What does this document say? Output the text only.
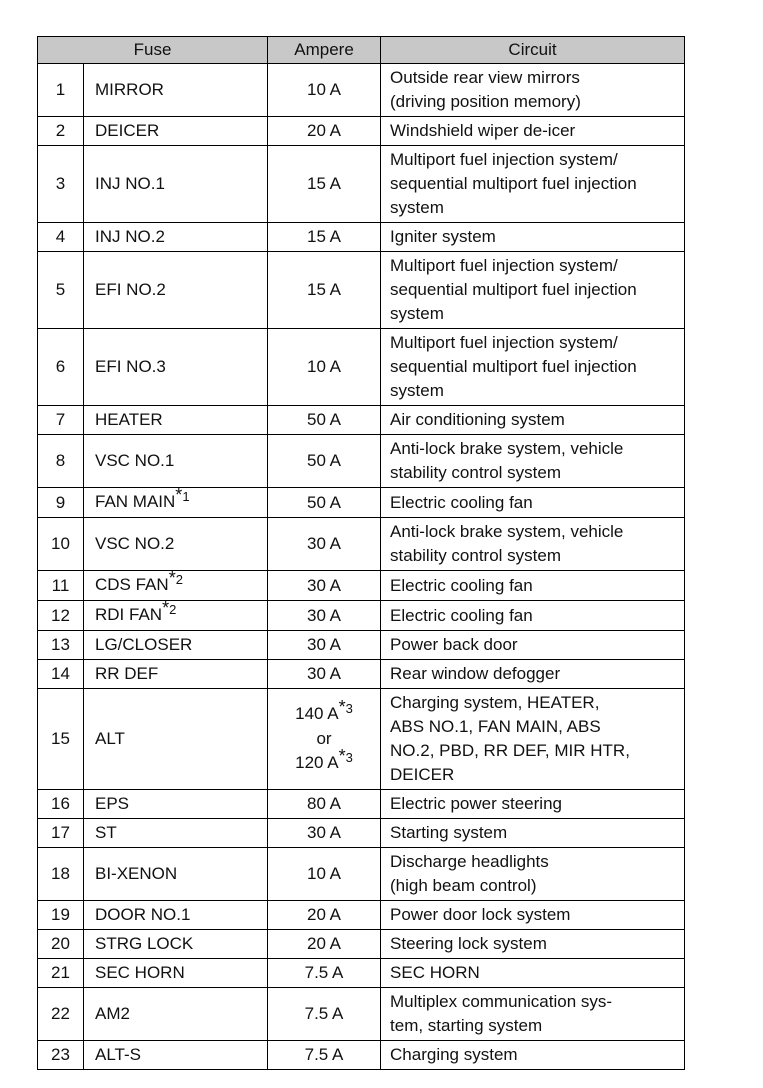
Fuse		Ampere	Circuit
1	MIRROR	10 A	Outside rear view mirrors
(driving position memory)

2	DEICER	20 A	Windshield wiper de-icer

3	INJ NO.1	15 A	Multiport fuel injection system/
sequential multiport fuel injection
system

4	INJ NO.2	15 A	Igniter system

5	EFI NO.2	15 A	Multiport fuel injection system/
sequential multiport fuel injection
system

6	EFI NO.3	10 A	Multiport fuel injection system/
sequential multiport fuel injection
system

7	HEATER	50 A	Air conditioning system

8	VSC NO.1	50 A	Anti-lock brake system, vehicle
stability control system

9	FAN MAIN$^{*1}$	50 A	Electric cooling fan

10	VSC NO.2	30 A	Anti-lock brake system, vehicle
stability control system

11	CDS FAN$^{*2}$	30 A	Electric cooling fan

12	RDI FAN$^{*2}$	30 A	Electric cooling fan

13	LG/CLOSER	30 A	Power back door

14	RR DEF	30 A	Rear window defogger

15	ALT	140 $A^{*3}$
or
120 $A^{*3}$	Charging system, HEATER,
ABS NO.1, FAN MAIN, ABS
NO.2, PBD, RR DEF, MIR HTR,
DEICER

16	EPS	80 A	Electric power steering

17	ST	30 A	Starting system

18	BI-XENON	10 A	Discharge headlights
(high beam control)

19	DOOR NO.1	20 A	Power door lock system

20	STRG LOCK	20 A	Steering lock system

21	SEC HORN	7.5 A	SEC HORN

22	AM2	7.5 A	Multiplex communication sys-
tem, starting system

23	ALT-S	7.5 A	Charging system
